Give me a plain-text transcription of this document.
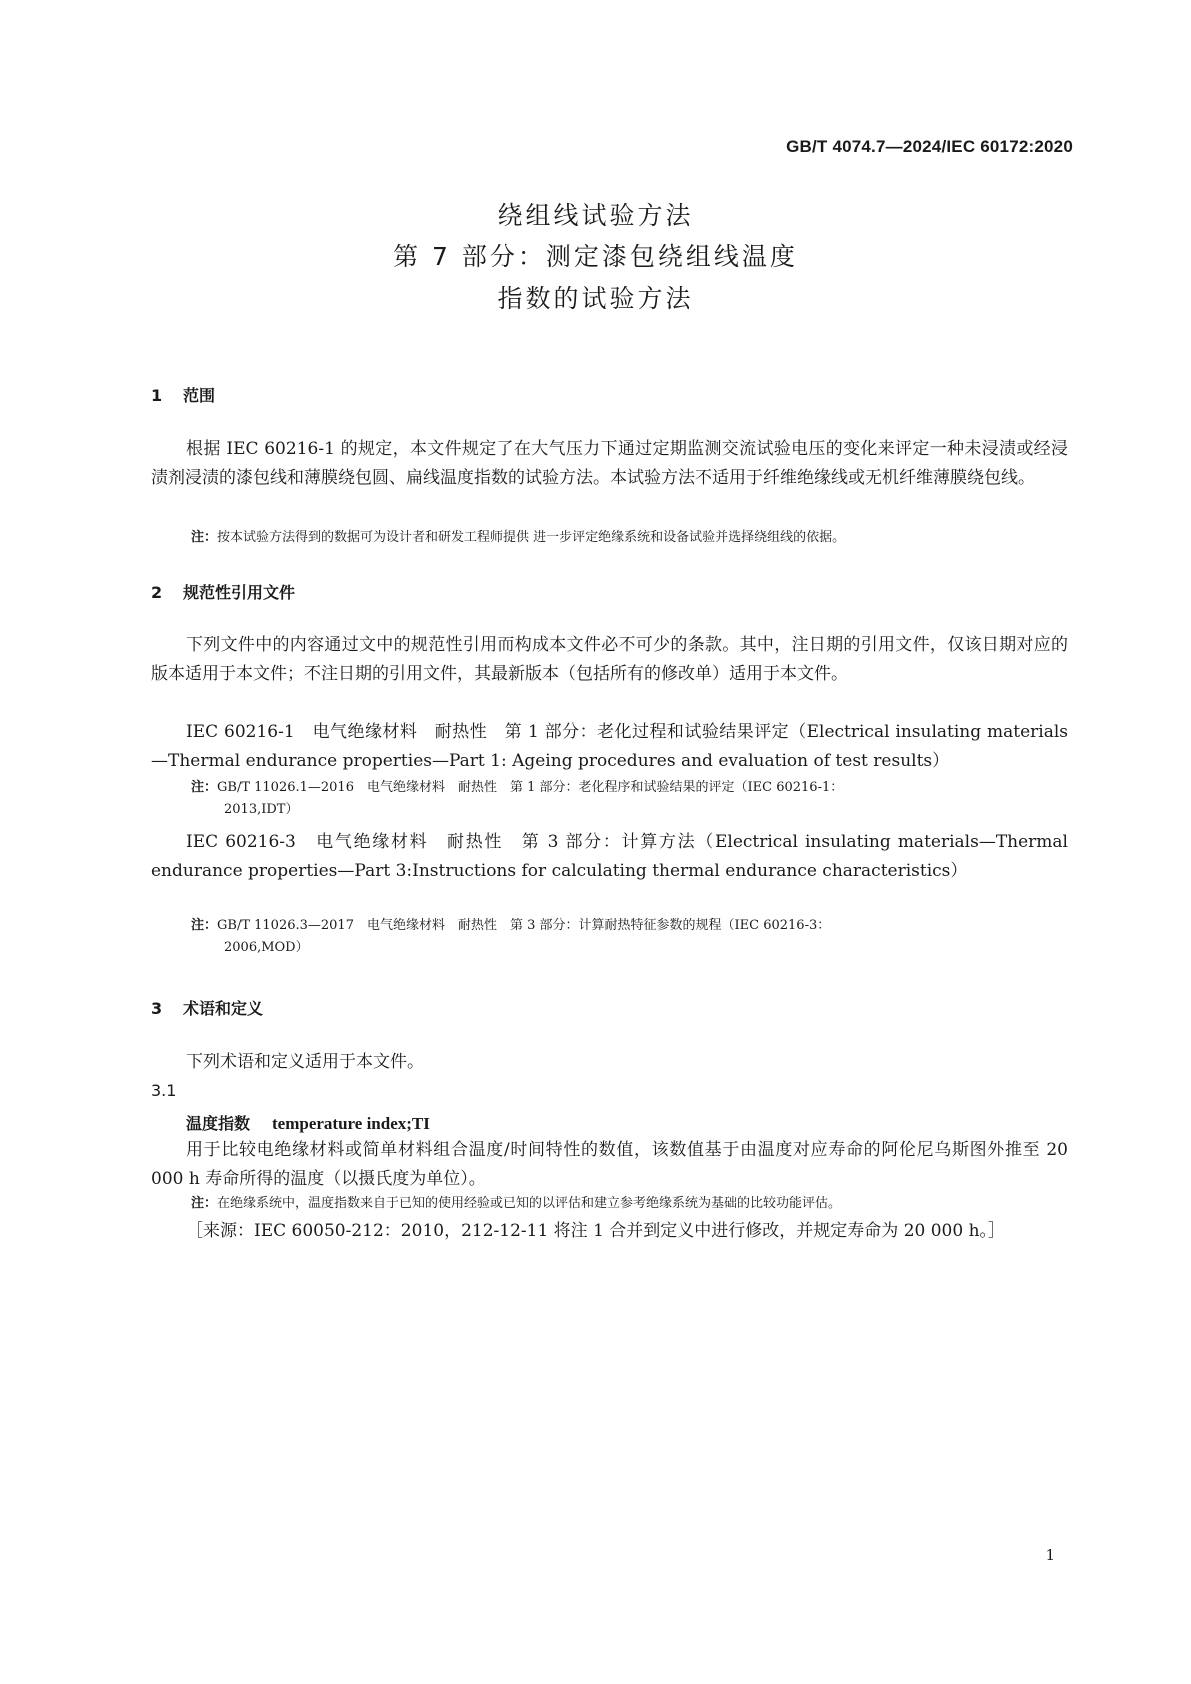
GB/T 4074.7—2024/IEC 60172:2020
绕组线试验方法
第 7 部分：测定漆包绕组线温度
指数的试验方法
1 范围
根据 IEC 60216-1 的规定，本文件规定了在大气压力下通过定期监测交流试验电压的变化来评定一种未浸渍或经浸渍剂浸渍的漆包线和薄膜绕包圆、扁线温度指数的试验方法。本试验方法不适用于纤维绝缘线或无机纤维薄膜绕包线。
注：按本试验方法得到的数据可为设计者和研发工程师提供 进一步评定绝缘系统和设备试验并选择绕组线的依据。
2 规范性引用文件
下列文件中的内容通过文中的规范性引用而构成本文件必不可少的条款。其中，注日期的引用文件，仅该日期对应的版本适用于本文件；不注日期的引用文件，其最新版本（包括所有的修改单）适用于本文件。
IEC 60216-1　电气绝缘材料　耐热性　第 1 部分：老化过程和试验结果评定（Electrical insulating materials—Thermal endurance properties—Part 1: Ageing procedures and evaluation of test results）
注：GB/T 11026.1—2016　电气绝缘材料　耐热性　第 1 部分：老化程序和试验结果的评定（IEC 60216-1：
2013,IDT）
IEC 60216-3　电气绝缘材料　耐热性　第 3 部分：计算方法（Electrical insulating materials—Thermal endurance properties—Part 3:Instructions for calculating thermal endurance characteristics）
注：GB/T 11026.3—2017　电气绝缘材料　耐热性　第 3 部分：计算耐热特征参数的规程（IEC 60216-3：
2006,MOD）
3 术语和定义
下列术语和定义适用于本文件。
3.1
温度指数 temperature index;TI
用于比较电绝缘材料或简单材料组合温度/时间特性的数值，该数值基于由温度对应寿命的阿伦尼乌斯图外推至 20 000 h 寿命所得的温度（以摄氏度为单位）。
注：在绝缘系统中，温度指数来自于已知的使用经验或已知的以评估和建立参考绝缘系统为基础的比较功能评估。
［来源：IEC 60050-212：2010，212-12-11 将注 1 合并到定义中进行修改，并规定寿命为 20 000 h。］
1
